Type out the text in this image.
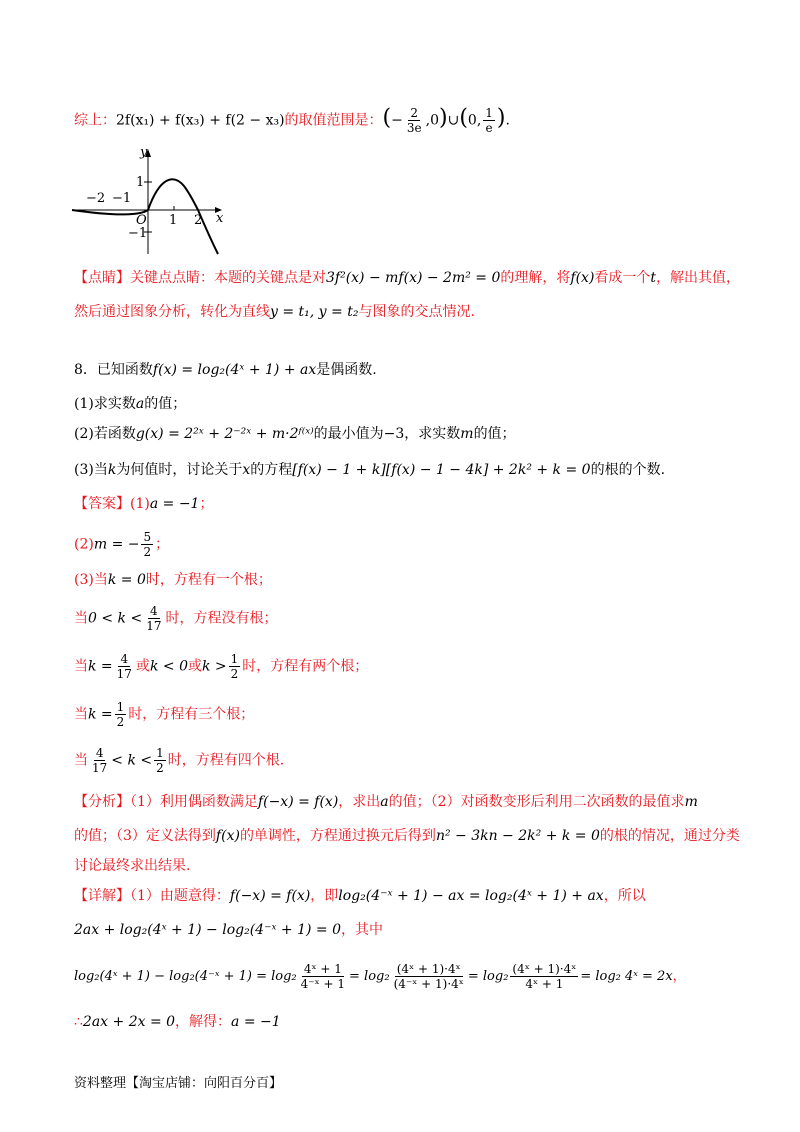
综上：2f(x₁) + f(x₃) + f(2 − x₃)的取值范围是：(− $\frac{2}{3e}$ ,0)∪(0, $\frac{1}{e}$ ).
y
x
O
−2 −1
1 2
1
−1
【点睛】关键点点睛：本题的关键点是对3f²(x) − mf(x) − 2m² = 0的理解，将f(x)看成一个t，解出其值，
然后通过图象分析，转化为直线y = t₁, y = t₂与图象的交点情况.
8．已知函数f(x) = log₂(4ˣ + 1) + ax是偶函数.
(1)求实数a的值；
(2)若函数g(x) = 2²ˣ + 2⁻²ˣ + m·2ᶠ⁽ˣ⁾的最小值为−3，求实数m的值；
(3)当k为何值时，讨论关于x的方程[f(x) − 1 + k][f(x) − 1 − 4k] + 2k² + k = 0的根的个数.
【答案】(1)a = −1；
(2)m = − $\frac{5}{2}$ ；
(3)当k = 0时，方程有一个根；
当$0 < k < \frac{4}{17}$ 时，方程没有根；
当$k = \frac{4}{17}$ 或k < 0或$k > \frac{1}{2}$ 时，方程有两个根；
当$k = \frac{1}{2}$ 时，方程有三个根；
当 $\frac{4}{17} < k < \frac{1}{2}$ 时，方程有四个根.
【分析】（1）利用偶函数满足f(−x) = f(x)，求出a的值；（2）对函数变形后利用二次函数的最值求m
的值；（3）定义法得到f(x)的单调性，方程通过换元后得到n² − 3kn − 2k² + k = 0的根的情况，通过分类
讨论最终求出结果.
【详解】（1）由题意得：f(−x) = f(x)，即log₂(4⁻ˣ + 1) − ax = log₂(4ˣ + 1) + ax，所以
2ax + log₂(4ˣ + 1) − log₂(4⁻ˣ + 1) = 0，其中
log₂(4ˣ + 1) − log₂(4⁻ˣ + $1) = \log_2 \frac{\text{4ˣ + 1}}{\text{4⁻ˣ + 1}} = \log_2 \frac{\text{(4ˣ + 1)·4ˣ}}{\text{(4⁻ˣ + 1)·4ˣ}} = \log_2 \frac{\text{(4ˣ + 1)·4ˣ}}{\text{4ˣ + 1}} = \log_2$ 4ˣ = 2x，
∴2ax + 2x = 0，解得：a = −1
资料整理【淘宝店铺：向阳百分百】
